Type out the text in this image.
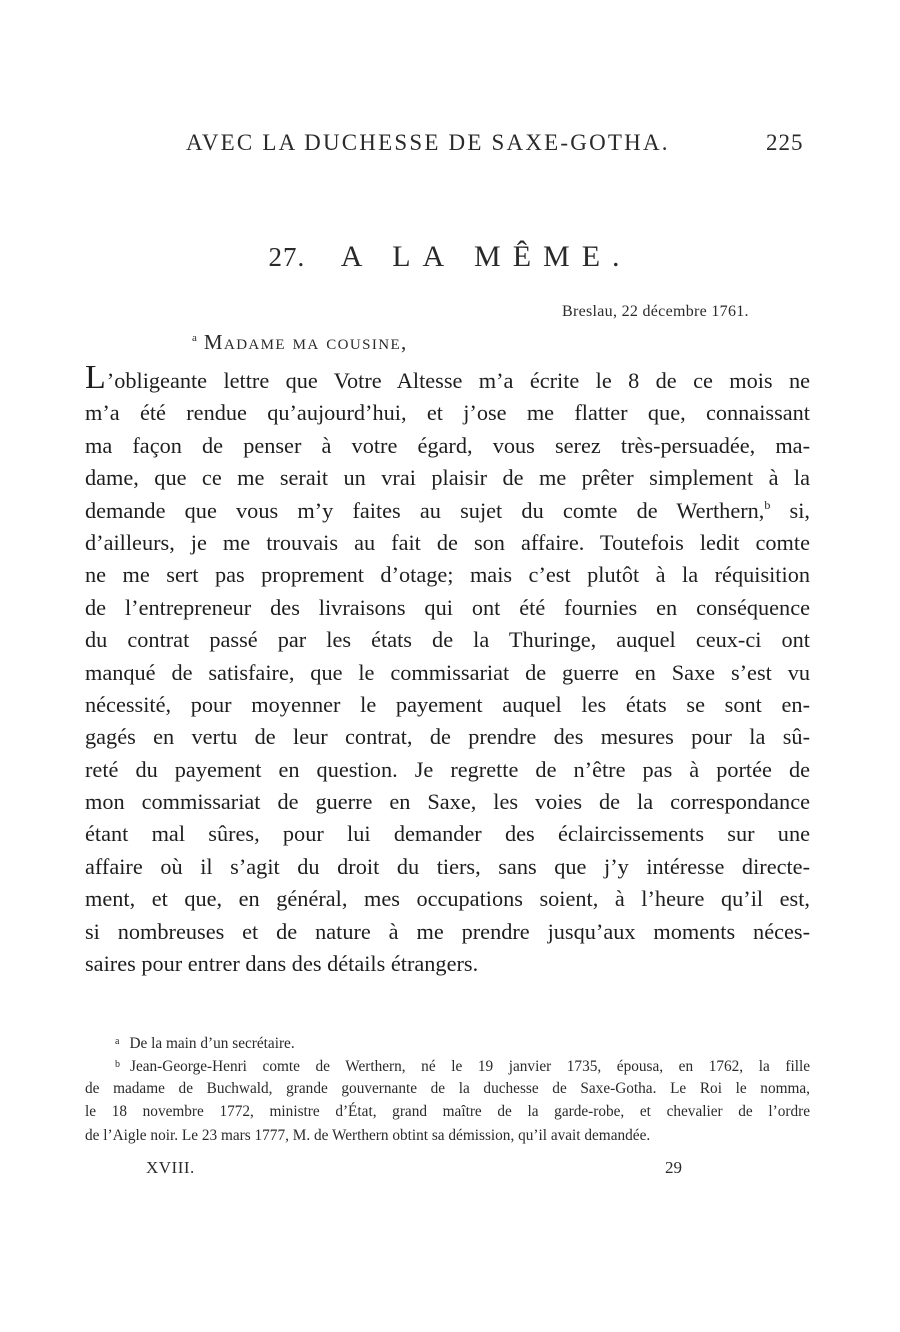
AVEC LA DUCHESSE DE SAXE-GOTHA.	225
27. A LA MÊME.
Breslau, 22 décembre 1761.
$^a$ Madame ma cousine,
L’obligeante lettre que Votre Altesse m’a écrite le 8 de ce mois ne
m’a été rendue qu’aujourd’hui, et j’ose me flatter que, connaissant
ma façon de penser à votre égard, vous serez très-persuadée, ma-
dame, que ce me serait un vrai plaisir de me prêter simplement à la
demande que vous m’y faites au sujet du comte de Werthern,$^b$ si,
d’ailleurs, je me trouvais au fait de son affaire. Toutefois ledit comte
ne me sert pas proprement d’otage; mais c’est plutôt à la réquisition
de l’entrepreneur des livraisons qui ont été fournies en conséquence
du contrat passé par les états de la Thuringe, auquel ceux-ci ont
manqué de satisfaire, que le commissariat de guerre en Saxe s’est vu
nécessité, pour moyenner le payement auquel les états se sont en-
gagés en vertu de leur contrat, de prendre des mesures pour la sû-
reté du payement en question. Je regrette de n’être pas à portée de
mon commissariat de guerre en Saxe, les voies de la correspondance
étant mal sûres, pour lui demander des éclaircissements sur une
affaire où il s’agit du droit du tiers, sans que j’y intéresse directe-
ment, et que, en général, mes occupations soient, à l’heure qu’il est,
si nombreuses et de nature à me prendre jusqu’aux moments néces-
saires pour entrer dans des détails étrangers.
$^a$ De la main d’un secrétaire.
$^b$ Jean-George-Henri comte de Werthern, né le 19 janvier 1735, épousa, en 1762, la fille
de madame de Buchwald, grande gouvernante de la duchesse de Saxe-Gotha. Le Roi le nomma,
le 18 novembre 1772, ministre d’État, grand maître de la garde-robe, et chevalier de l’ordre
de l’Aigle noir. Le 23 mars 1777, M. de Werthern obtint sa démission, qu’il avait demandée.
XVIII.	29
